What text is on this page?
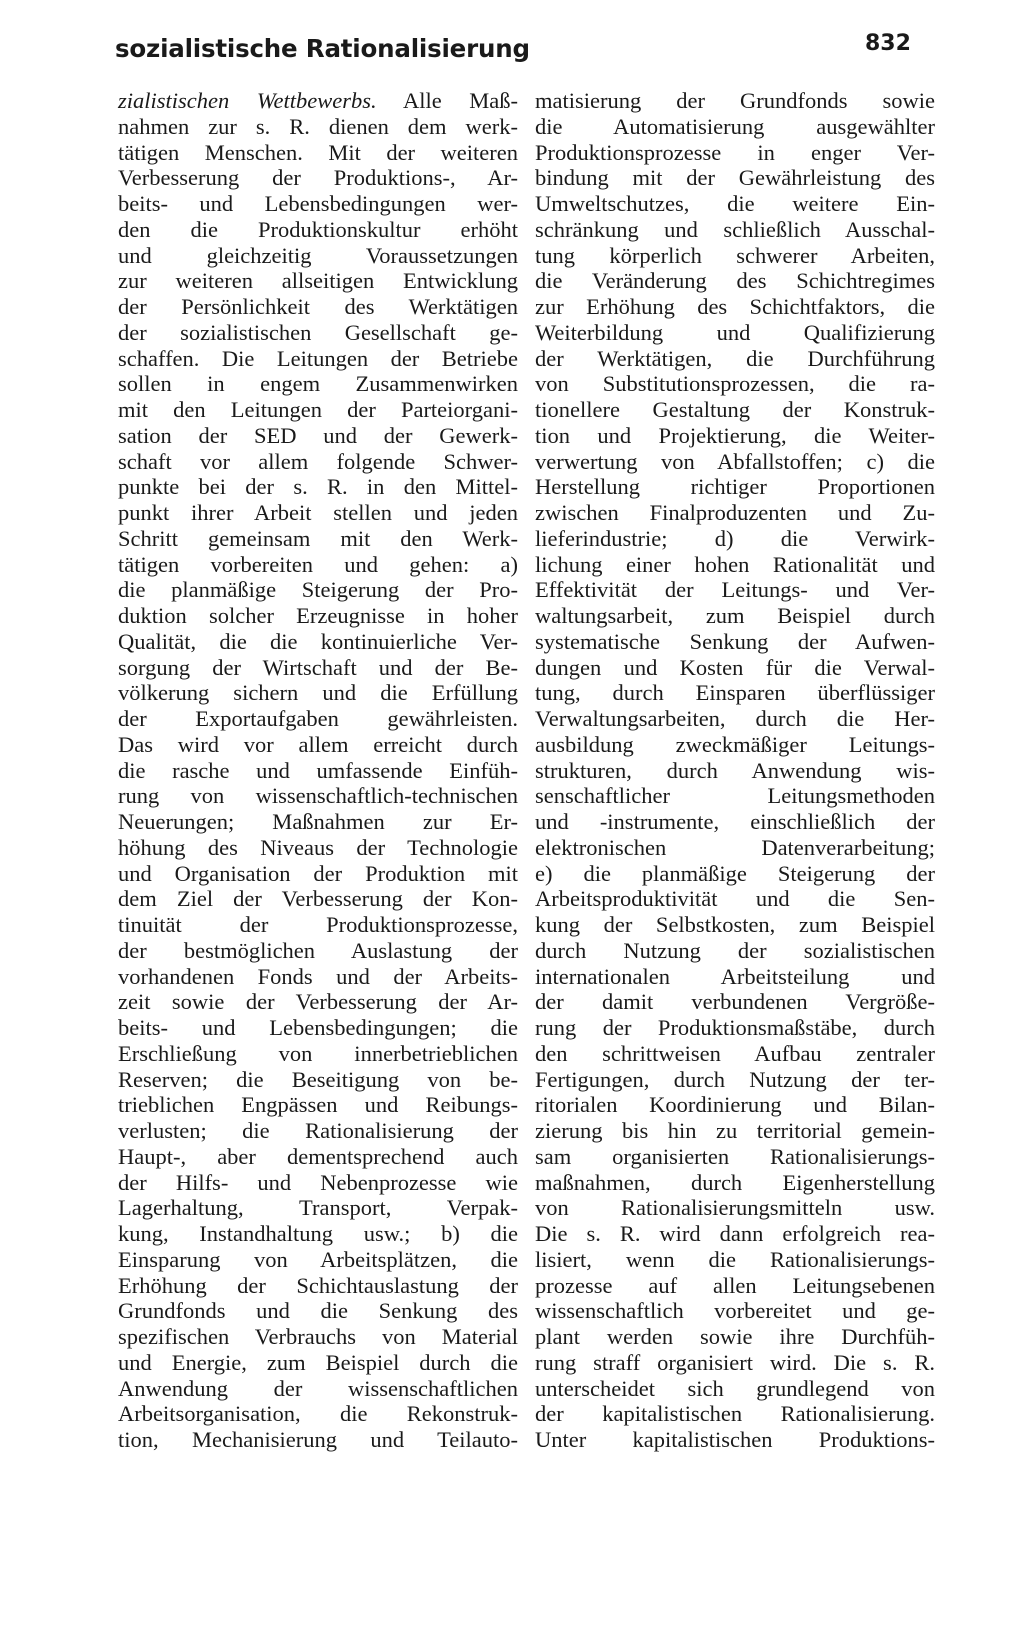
sozialistische Rationalisierung	832
zialistischen Wettbewerbs. Alle Maß-
nahmen zur s. R. dienen dem werk-
tätigen Menschen. Mit der weiteren
Verbesserung der Produktions-, Ar-
beits- und Lebensbedingungen wer-
den die Produktionskultur erhöht
und gleichzeitig Voraussetzungen
zur weiteren allseitigen Entwicklung
der Persönlichkeit des Werktätigen
der sozialistischen Gesellschaft ge-
schaffen. Die Leitungen der Betriebe
sollen in engem Zusammenwirken
mit den Leitungen der Parteiorgani-
sation der SED und der Gewerk-
schaft vor allem folgende Schwer-
punkte bei der s. R. in den Mittel-
punkt ihrer Arbeit stellen und jeden
Schritt gemeinsam mit den Werk-
tätigen vorbereiten und gehen: a)
die planmäßige Steigerung der Pro-
duktion solcher Erzeugnisse in hoher
Qualität, die die kontinuierliche Ver-
sorgung der Wirtschaft und der Be-
völkerung sichern und die Erfüllung
der Exportaufgaben gewährleisten.
Das wird vor allem erreicht durch
die rasche und umfassende Einfüh-
rung von wissenschaftlich-technischen
Neuerungen; Maßnahmen zur Er-
höhung des Niveaus der Technologie
und Organisation der Produktion mit
dem Ziel der Verbesserung der Kon-
tinuität der Produktionsprozesse,
der bestmöglichen Auslastung der
vorhandenen Fonds und der Arbeits-
zeit sowie der Verbesserung der Ar-
beits- und Lebensbedingungen; die
Erschließung von innerbetrieblichen
Reserven; die Beseitigung von be-
trieblichen Engpässen und Reibungs-
verlusten; die Rationalisierung der
Haupt-, aber dementsprechend auch
der Hilfs- und Nebenprozesse wie
Lagerhaltung, Transport, Verpak-
kung, Instandhaltung usw.; b) die
Einsparung von Arbeitsplätzen, die
Erhöhung der Schichtauslastung der
Grundfonds und die Senkung des
spezifischen Verbrauchs von Material
und Energie, zum Beispiel durch die
Anwendung der wissenschaftlichen
Arbeitsorganisation, die Rekonstruk-
tion, Mechanisierung und Teilauto-
matisierung der Grundfonds sowie
die Automatisierung ausgewählter
Produktionsprozesse in enger Ver-
bindung mit der Gewährleistung des
Umweltschutzes, die weitere Ein-
schränkung und schließlich Ausschal-
tung körperlich schwerer Arbeiten,
die Veränderung des Schichtregimes
zur Erhöhung des Schichtfaktors, die
Weiterbildung und Qualifizierung
der Werktätigen, die Durchführung
von Substitutionsprozessen, die ra-
tionellere Gestaltung der Konstruk-
tion und Projektierung, die Weiter-
verwertung von Abfallstoffen; c) die
Herstellung richtiger Proportionen
zwischen Finalproduzenten und Zu-
lieferindustrie; d) die Verwirk-
lichung einer hohen Rationalität und
Effektivität der Leitungs- und Ver-
waltungsarbeit, zum Beispiel durch
systematische Senkung der Aufwen-
dungen und Kosten für die Verwal-
tung, durch Einsparen überflüssiger
Verwaltungsarbeiten, durch die Her-
ausbildung zweckmäßiger Leitungs-
strukturen, durch Anwendung wis-
senschaftlicher Leitungsmethoden
und -instrumente, einschließlich der
elektronischen Datenverarbeitung;
e) die planmäßige Steigerung der
Arbeitsproduktivität und die Sen-
kung der Selbstkosten, zum Beispiel
durch Nutzung der sozialistischen
internationalen Arbeitsteilung und
der damit verbundenen Vergröße-
rung der Produktionsmaßstäbe, durch
den schrittweisen Aufbau zentraler
Fertigungen, durch Nutzung der ter-
ritorialen Koordinierung und Bilan-
zierung bis hin zu territorial gemein-
sam organisierten Rationalisierungs-
maßnahmen, durch Eigenherstellung
von Rationalisierungsmitteln usw.
Die s. R. wird dann erfolgreich rea-
lisiert, wenn die Rationalisierungs-
prozesse auf allen Leitungsebenen
wissenschaftlich vorbereitet und ge-
plant werden sowie ihre Durchfüh-
rung straff organisiert wird. Die s. R.
unterscheidet sich grundlegend von
der kapitalistischen Rationalisierung.
Unter kapitalistischen Produktions-
